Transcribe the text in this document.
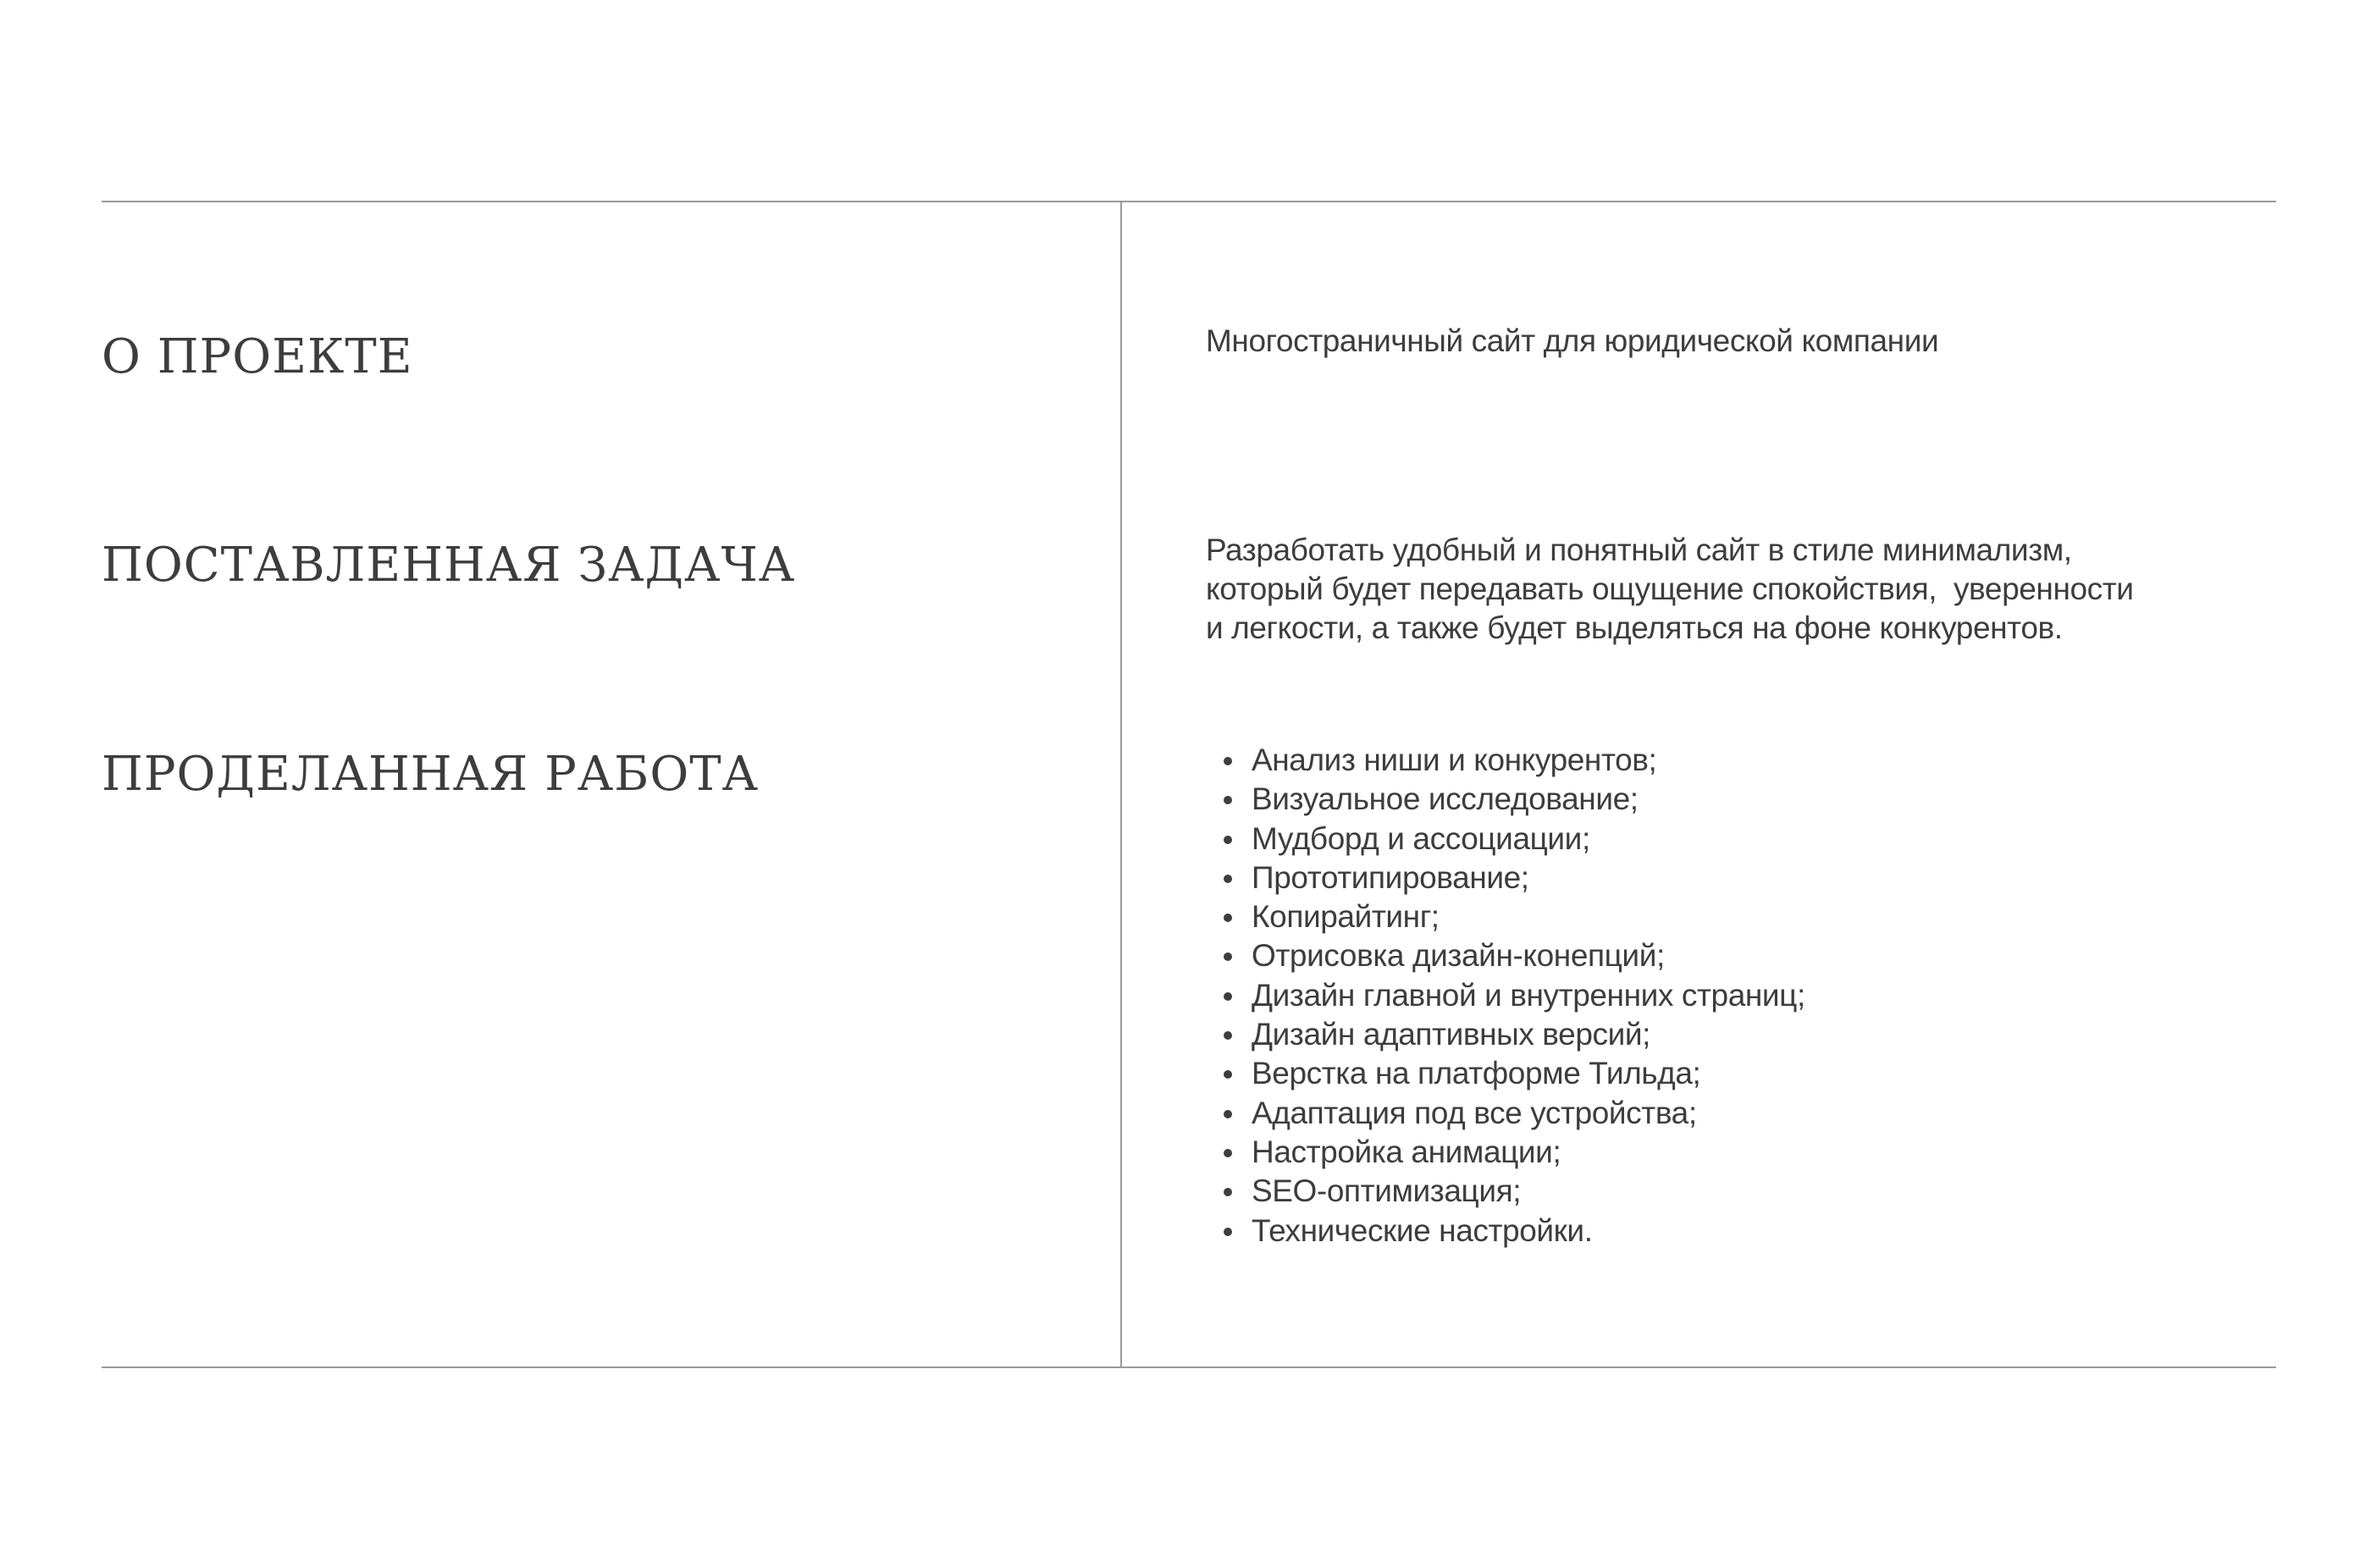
О ПРОЕКТЕ	Многостраничный сайт для юридической компании

ПОСТАВЛЕННАЯ ЗАДАЧА	Разработать удобный и понятный сайт в стиле минимализм,
который будет передавать ощущение спокойствия,  уверенности
и легкости, а также будет выделяться на фоне конкурентов.

ПРОДЕЛАННАЯ РАБОТА	Анализ ниши и конкурентов;
Визуальное исследование;
Мудборд и ассоциации;
Прототипирование;
Копирайтинг;
Отрисовка дизайн-конепций;
Дизайн главной и внутренних страниц;
Дизайн адаптивных версий;
Верстка на платформе Тильда;
Адаптация под все устройства;
Настройка анимации;
SEO-оптимизация;
Технические настройки.
